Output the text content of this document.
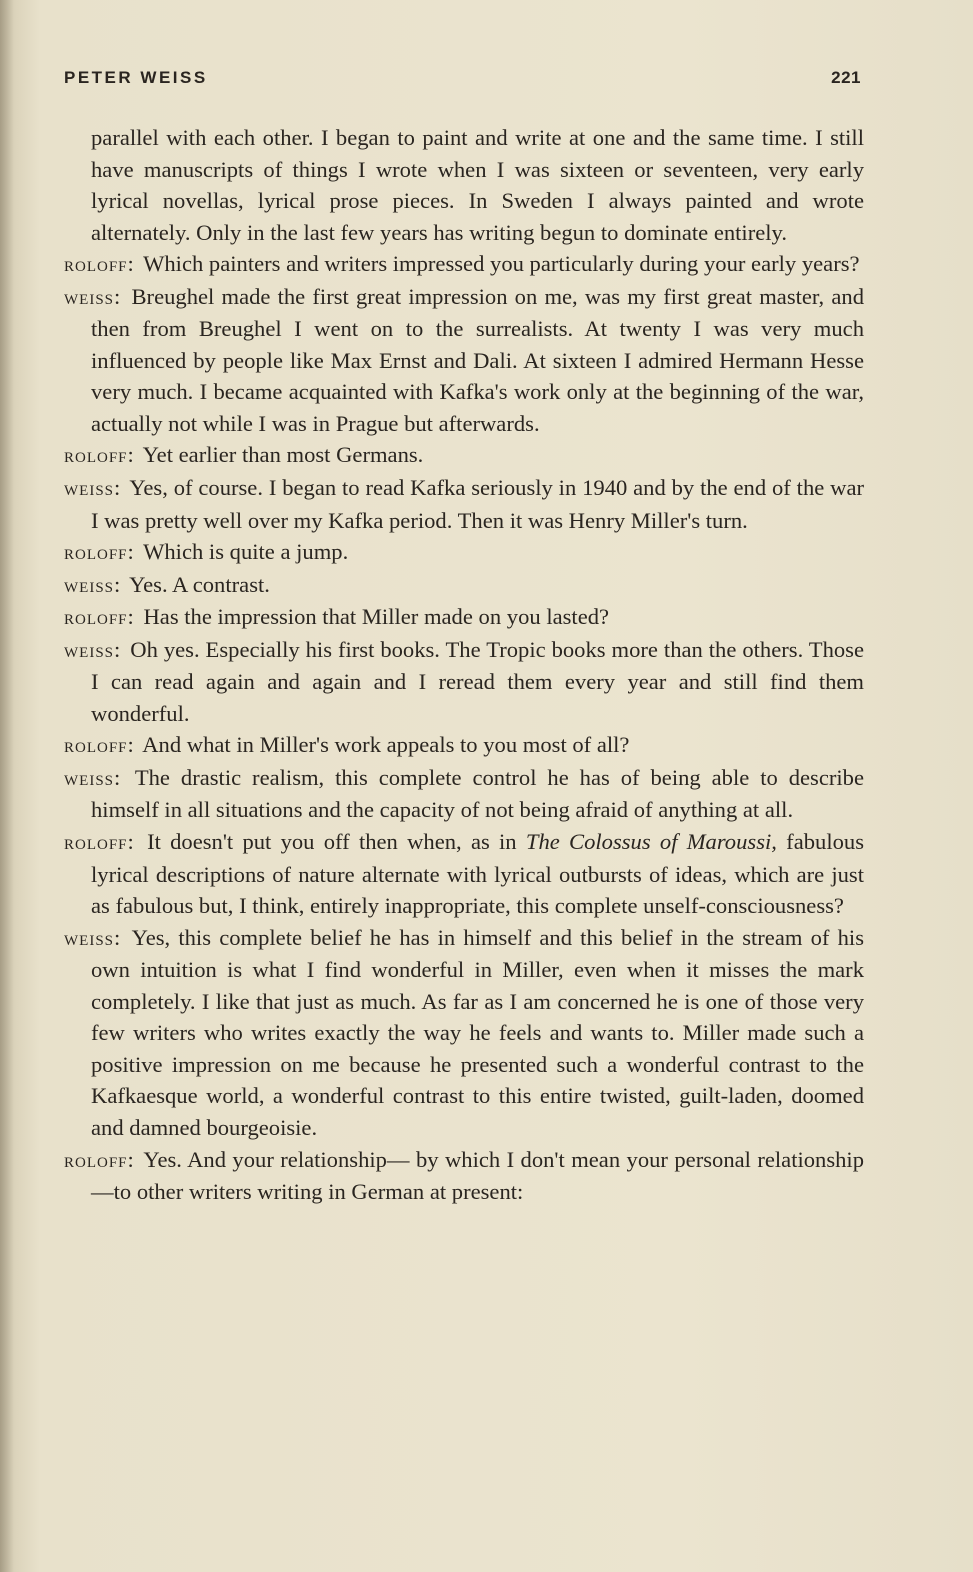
PETER WEISS	221

parallel with each other. I began to paint and write at one and the same time. I still have manuscripts of things I wrote when I was sixteen or seventeen, very early lyrical novellas, lyrical prose pieces. In Sweden I always painted and wrote alternately. Only in the last few years has writing begun to dominate entirely.

roloff: Which painters and writers impressed you particularly during your early years?

weiss: Breughel made the first great impression on me, was my first great master, and then from Breughel I went on to the surrealists. At twenty I was very much influenced by people like Max Ernst and Dali. At sixteen I admired Hermann Hesse very much. I became acquainted with Kafka's work only at the beginning of the war, actually not while I was in Prague but afterwards.

roloff: Yet earlier than most Germans.

weiss: Yes, of course. I began to read Kafka seriously in 1940 and by the end of the war I was pretty well over my Kafka period. Then it was Henry Miller's turn.

roloff: Which is quite a jump.

weiss: Yes. A contrast.

roloff: Has the impression that Miller made on you lasted?

weiss: Oh yes. Especially his first books. The Tropic books more than the others. Those I can read again and again and I reread them every year and still find them wonderful.

roloff: And what in Miller's work appeals to you most of all?

weiss: The drastic realism, this complete control he has of being able to describe himself in all situations and the capacity of not being afraid of anything at all.

roloff: It doesn't put you off then when, as in The Colossus of Maroussi, fabulous lyrical descriptions of nature alternate with lyrical outbursts of ideas, which are just as fabulous but, I think, entirely inappropriate, this complete unself-consciousness?

weiss: Yes, this complete belief he has in himself and this belief in the stream of his own intuition is what I find wonderful in Miller, even when it misses the mark completely. I like that just as much. As far as I am concerned he is one of those very few writers who writes exactly the way he feels and wants to. Miller made such a positive impression on me because he presented such a wonderful contrast to the Kafkaesque world, a wonderful contrast to this entire twisted, guilt-laden, doomed and damned bourgeoisie.

roloff: Yes. And your relationship— by which I don't mean your personal relationship—to other writers writing in German at present:
